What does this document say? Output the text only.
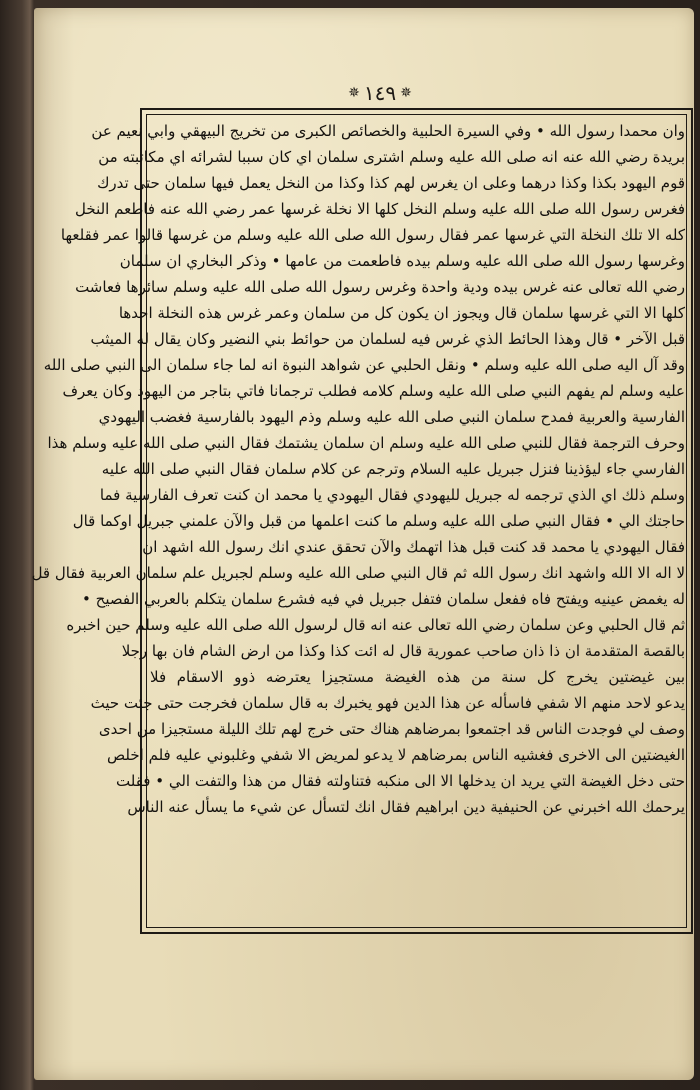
✵ ١٤٩ ✵
وان محمدا رسول الله • وفي السيرة الحلبية والخصائص الكبرى من تخريج البيهقي وابي نعيم عن
بريدة رضي الله عنه انه صلى الله عليه وسلم اشترى سلمان اي كان سببا لشرائه اي مكاتبته من
قوم اليهود بكذا وكذا درهما وعلى ان يغرس لهم كذا وكذا من النخل يعمل فيها سلمان حتى تدرك
فغرس رسول الله صلى الله عليه وسلم النخل كلها الا نخلة غرسها عمر رضي الله عنه فاطعم النخل
كله الا تلك النخلة التي غرسها عمر فقال رسول الله صلى الله عليه وسلم من غرسها قالوا عمر فقلعها
وغرسها رسول الله صلى الله عليه وسلم بيده فاطعمت من عامها • وذكر البخاري ان سلمان
رضي الله تعالى عنه غرس بيده ودية واحدة وغرس رسول الله صلى الله عليه وسلم سائرها فعاشت
كلها الا التي غرسها سلمان قال ويجوز ان يكون كل من سلمان وعمر غرس هذه النخلة احدها
قبل الآخر • قال وهذا الحائط الذي غرس فيه لسلمان من حوائط بني النضير وكان يقال له الميثب
وقد آل اليه صلى الله عليه وسلم • ونقل الحلبي عن شواهد النبوة انه لما جاء سلمان الى النبي صلى الله
عليه وسلم لم يفهم النبي صلى الله عليه وسلم كلامه فطلب ترجمانا فاتي بتاجر من اليهود وكان يعرف
الفارسية والعربية فمدح سلمان النبي صلى الله عليه وسلم وذم اليهود بالفارسية فغضب اليهودي
وحرف الترجمة فقال للنبي صلى الله عليه وسلم ان سلمان يشتمك فقال النبي صلى الله عليه وسلم هذا
الفارسي جاء ليؤذينا فنزل جبريل عليه السلام وترجم عن كلام سلمان فقال النبي صلى الله عليه
وسلم ذلك اي الذي ترجمه له جبريل لليهودي فقال اليهودي يا محمد ان كنت تعرف الفارسية فما
حاجتك الي • فقال النبي صلى الله عليه وسلم ما كنت اعلمها من قبل والآن علمني جبريل اوكما قال
فقال اليهودي يا محمد قد كنت قبل هذا اتهمك والآن تحقق عندي انك رسول الله اشهد ان
لا اله الا الله واشهد انك رسول الله ثم قال النبي صلى الله عليه وسلم لجبريل علم سلمان العربية فقال قل
له يغمض عينيه ويفتح فاه ففعل سلمان فتفل جبريل في فيه فشرع سلمان يتكلم بالعربي الفصيح •
ثم قال الحلبي وعن سلمان رضي الله تعالى عنه انه قال لرسول الله صلى الله عليه وسلم حين اخبره
بالقصة المتقدمة ان ذا ذان صاحب عمورية قال له ائت كذا وكذا من ارض الشام فان بها رجلا
بين غيضتين يخرج كل سنة من هذه الغيضة مستجيزا يعترضه ذوو الاسقام فلا
يدعو لاحد منهم الا شفي فاسأله عن هذا الدين فهو يخبرك به قال سلمان فخرجت حتى جئت حيث
وصف لي فوجدت الناس قد اجتمعوا بمرضاهم هناك حتى خرج لهم تلك الليلة مستجيزا من احدى
الغيضتين الى الاخرى فغشيه الناس بمرضاهم لا يدعو لمريض الا شفي وغلبوني عليه فلم اخلص
حتى دخل الغيضة التي يريد ان يدخلها الا الى منكبه فتناولته فقال من هذا والتفت الي • فقلت
يرحمك الله اخبرني عن الحنيفية دين ابراهيم فقال انك لتسأل عن شيء ما يسأل عنه الناس
